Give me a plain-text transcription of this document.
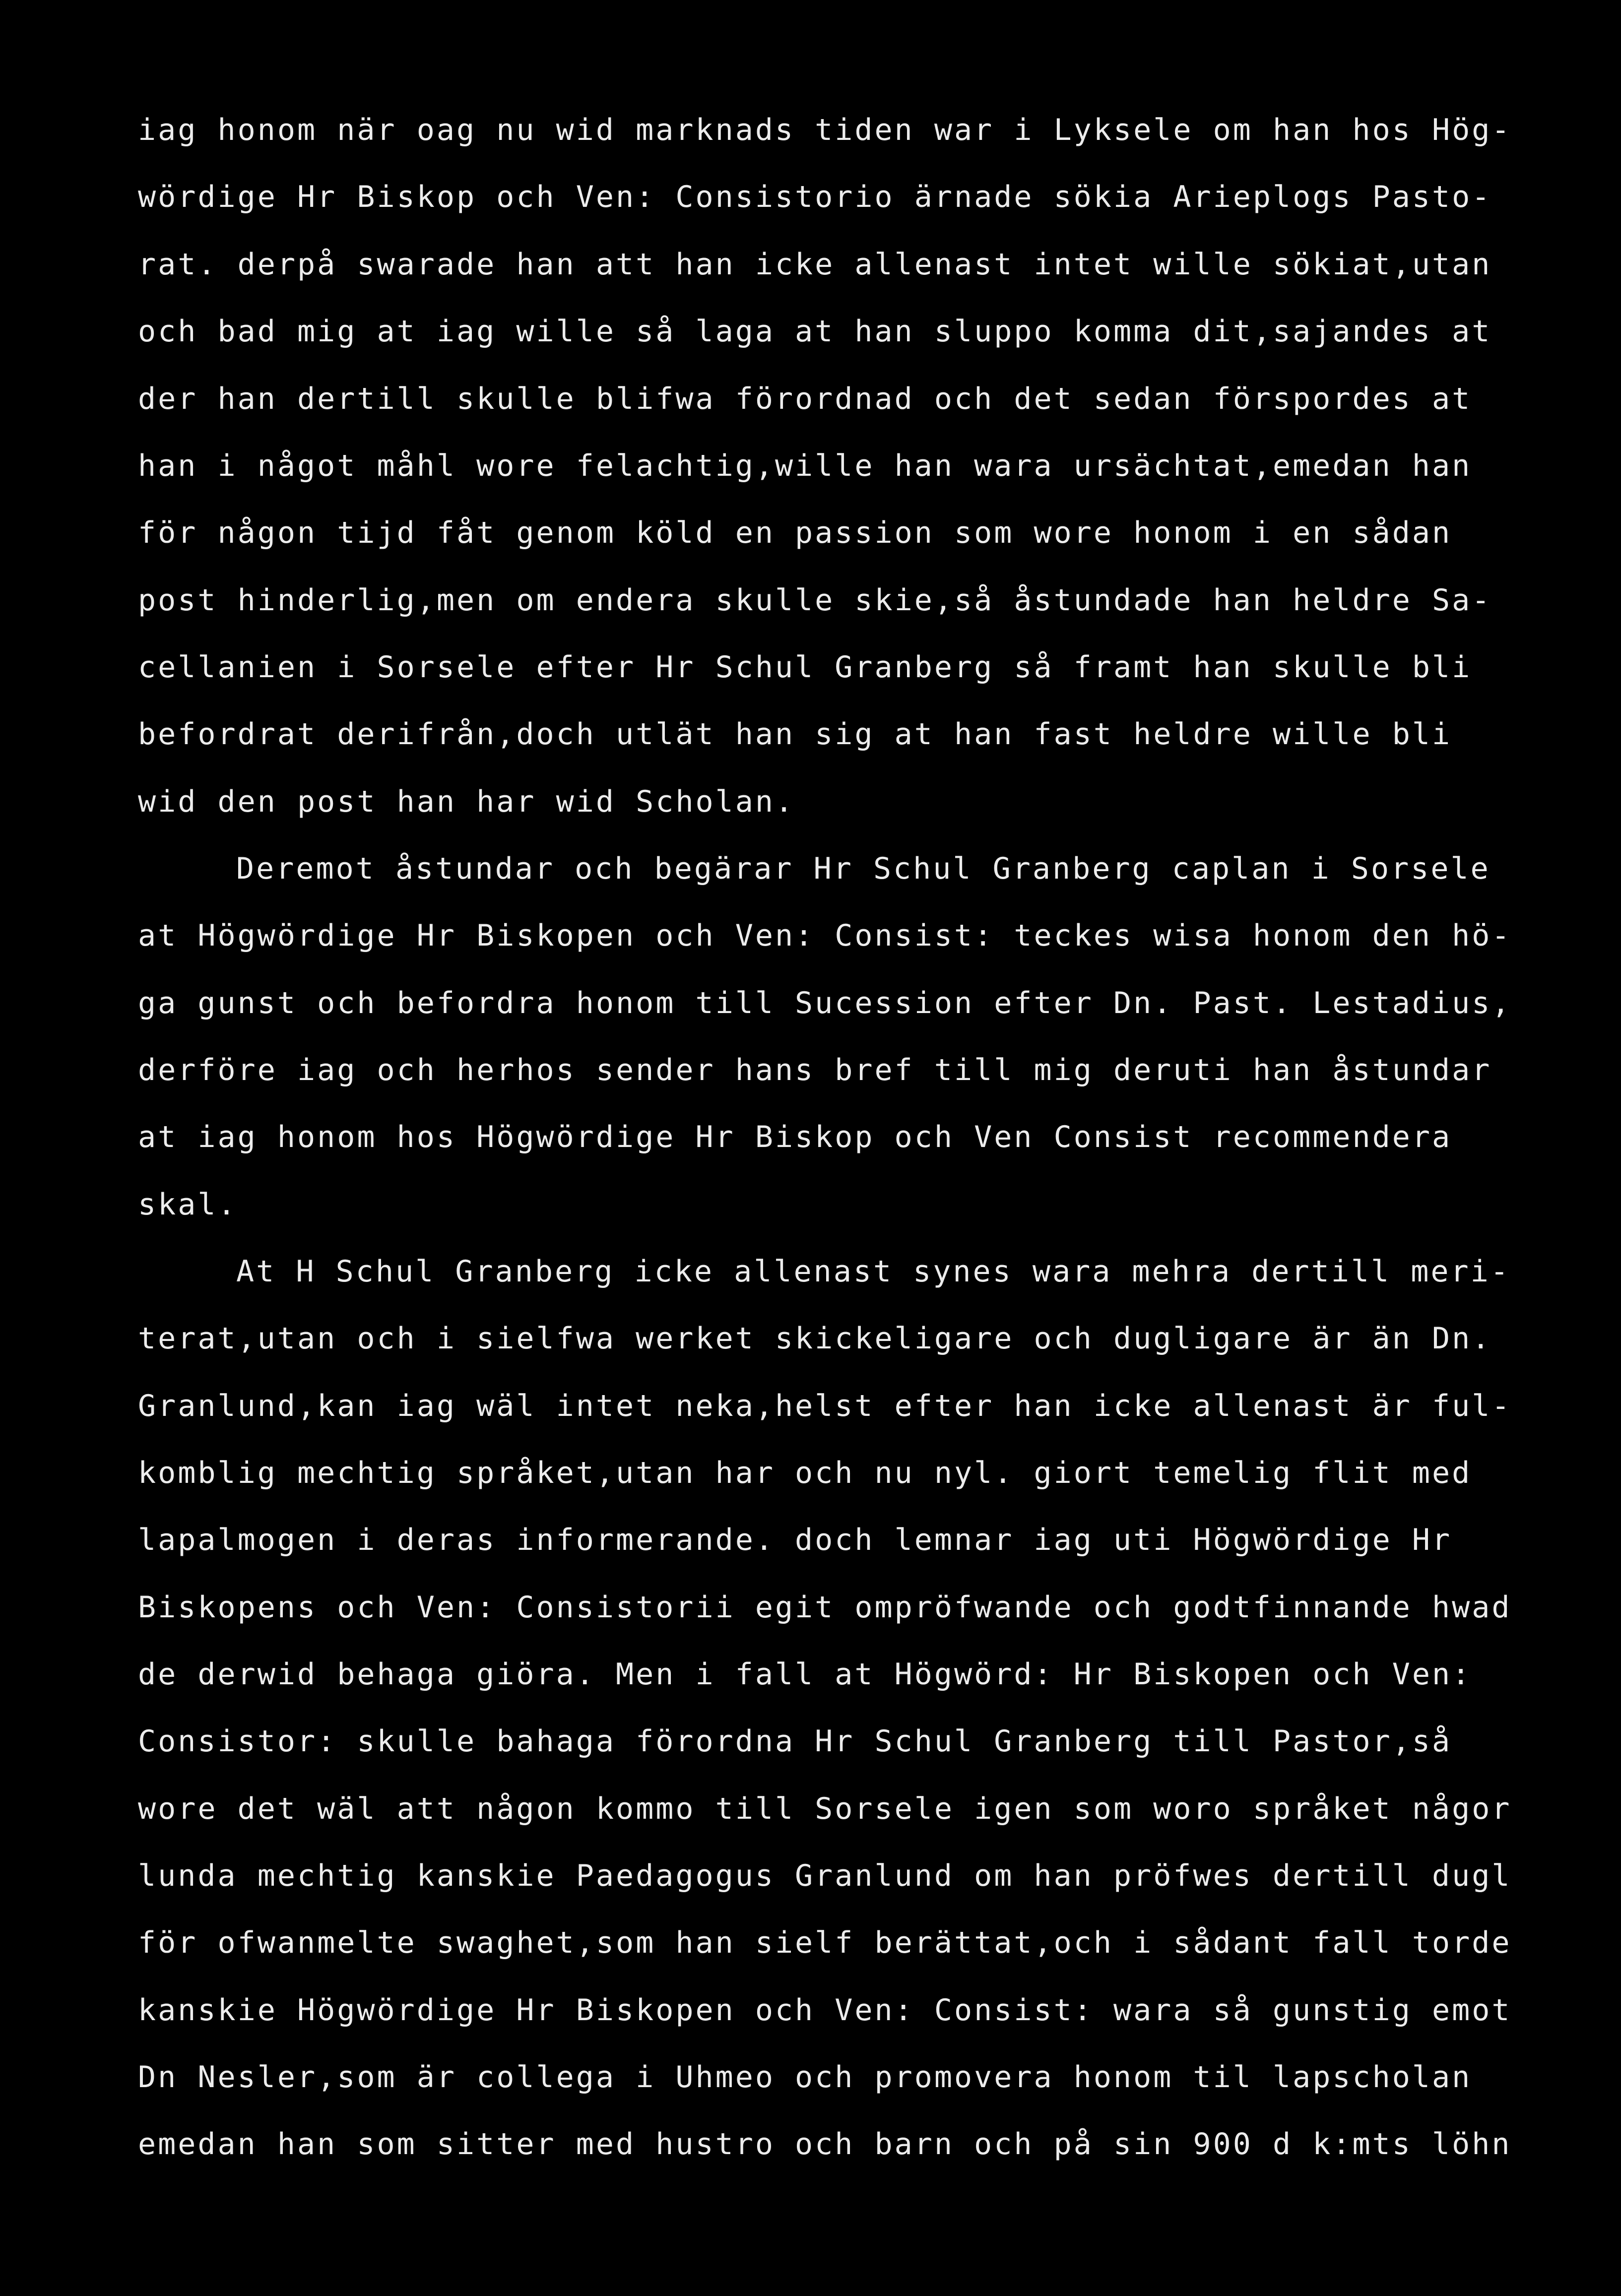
iag honom när oag nu wid marknads tiden war i Lyksele om han hos Hög-

wördige Hr Biskop och Ven: Consistorio ärnade sökia Arieplogs Pasto-

rat. derpå swarade han att han icke allenast intet wille sökiat,utan

och bad mig at iag wille så laga at han sluppo komma dit,sajandes at

der han dertill skulle blifwa förordnad och det sedan förspordes at

han i något måhl wore felachtig,wille han wara ursächtat,emedan han

för någon tijd fåt genom köld en passion som wore honom i en sådan

post hinderlig,men om endera skulle skie,så åstundade han heldre Sa-

cellanien i Sorsele efter Hr Schul Granberg så framt han skulle bli

befordrat derifrån,doch utlät han sig at han fast heldre wille bli

wid den post han har wid Scholan.

Deremot åstundar och begärar Hr Schul Granberg caplan i Sorsele

at Högwördige Hr Biskopen och Ven: Consist: teckes wisa honom den hö-

ga gunst och befordra honom till Sucession efter Dn. Past. Lestadius,

derföre iag och herhos sender hans bref till mig deruti han åstundar

at iag honom hos Högwördige Hr Biskop och Ven Consist recommendera

skal.

At H Schul Granberg icke allenast synes wara mehra dertill meri-

terat,utan och i sielfwa werket skickeligare och dugligare är än Dn.

Granlund,kan iag wäl intet neka,helst efter han icke allenast är ful-

komblig mechtig språket,utan har och nu nyl. giort temelig flit med

lapalmogen i deras informerande. doch lemnar iag uti Högwördige Hr

Biskopens och Ven: Consistorii egit ompröfwande och godtfinnande hwad

de derwid behaga giöra. Men i fall at Högwörd: Hr Biskopen och Ven:

Consistor: skulle bahaga förordna Hr Schul Granberg till Pastor,så

wore det wäl att någon kommo till Sorsele igen som woro språket någor

lunda mechtig kanskie Paedagogus Granlund om han pröfwes dertill dugl

för ofwanmelte swaghet,som han sielf berättat,och i sådant fall torde

kanskie Högwördige Hr Biskopen och Ven: Consist: wara så gunstig emot

Dn Nesler,som är collega i Uhmeo och promovera honom til lapscholan

emedan han som sitter med hustro och barn och på sin 900 d k:mts löhn
